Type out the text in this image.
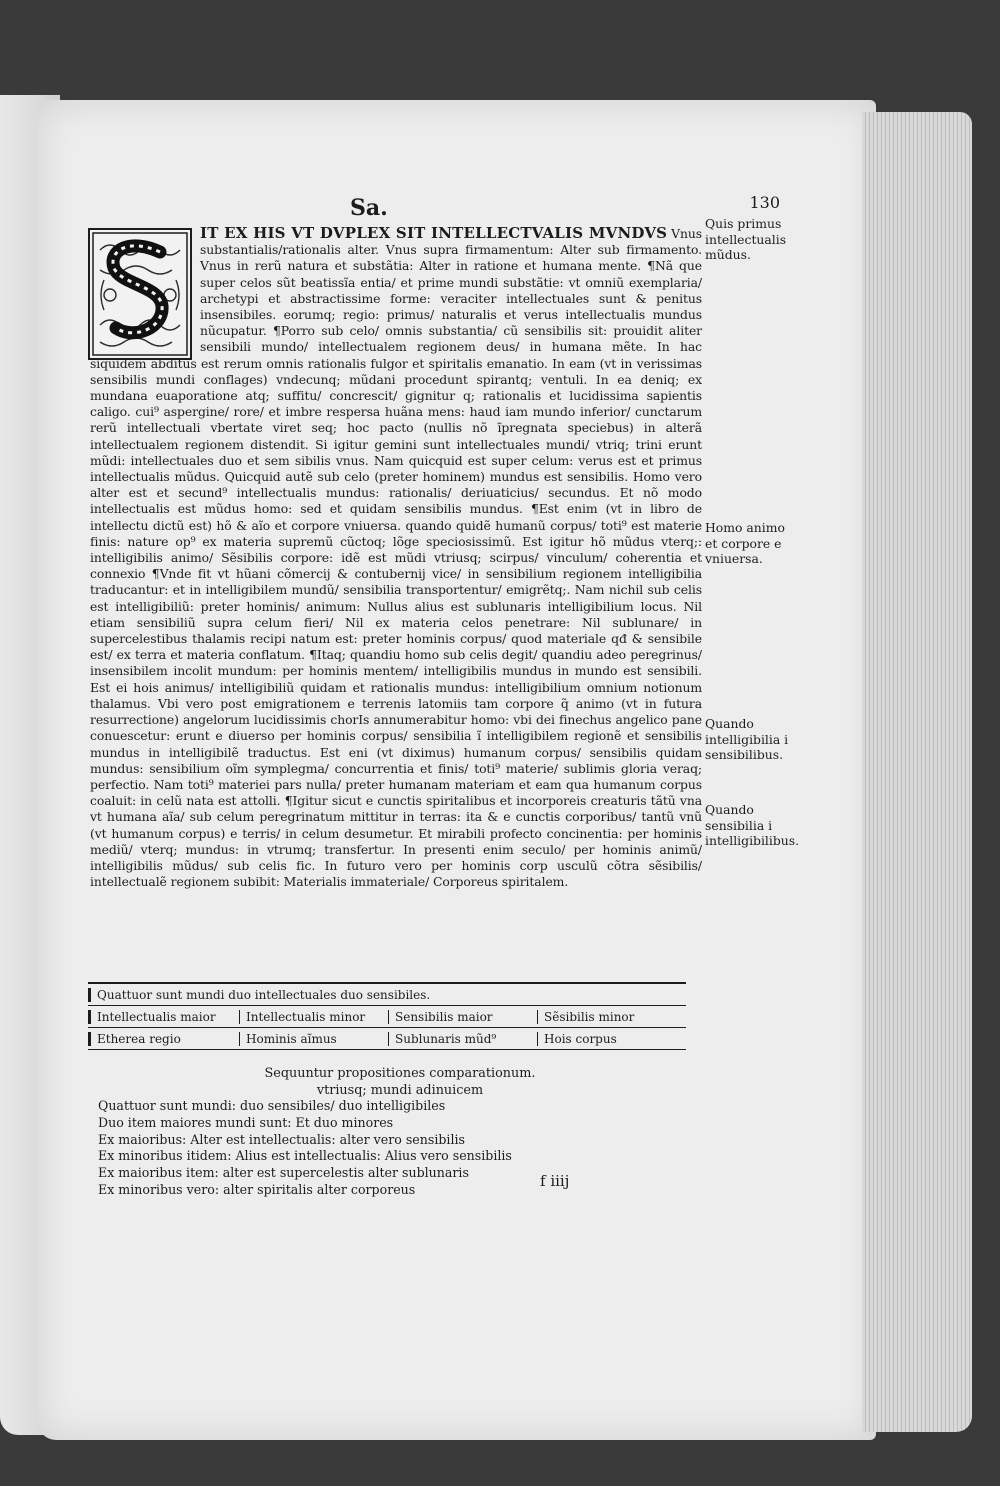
Sa.	130
IT EX HIS VT DVPLEX SIT INTELLECTVALIS MVNDVS Vnus substantialis/rationalis alter. Vnus supra firmamentum: Alter sub firmamento. Vnus in rerũ natura et substãtia: Alter in ratione et humana mente. ¶Nã que super celos sũt beatissĩa entia/ et prime mundi substãtie: vt omniũ exemplaria/ archetypi et abstractissime forme: veraciter intellectuales sunt & penitus insensibiles. eorumq; regio: primus/ naturalis et verus intellectualis mundus nũcupatur. ¶Porro sub celo/ omnis substantia/ cũ sensibilis sit: prouidit aliter sensibili mundo/ intellectualem regionem deus/ in humana mẽte. In hac siquidem abditus est rerum omnis rationalis fulgor et spiritalis emanatio. In eam (vt in verissimas sensibilis mundi conflages) vndecunq; mũdani procedunt spirantq; ventuli. In ea deniq; ex mundana euaporatione atq; suffitu/ concrescit/ gignitur q; rationalis et lucidissima sapientis caligo. cui⁹ aspergine/ rore/ et imbre respersa huãna mens: haud iam mundo inferior/ cunctarum rerũ intellectuali vbertate viret seq; hoc pacto (nullis nõ ĩpregnata speciebus) in alterã intellectualem regionem distendit. Si igitur gemini sunt intellectuales mundi/ vtriq; trini erunt mũdi: intellectuales duo et sem sibilis vnus. Nam quicquid est super celum: verus est et primus intellectualis mũdus. Quicquid autẽ sub celo (preter hominem) mundus est sensibilis. Homo vero alter est et secund⁹ intellectualis mundus: rationalis/ deriuaticius/ secundus. Et nõ modo intellectualis est mũdus homo: sed et quidam sensibilis mundus. ¶Est enim (vt in libro de intellectu dictũ est) hõ & aĩo et corpore vniuersa. quando quidẽ humanũ corpus/ toti⁹ est materie finis: nature op⁹ ex materia supremũ cũctoq; lõge speciosissimũ. Est igitur hõ mũdus vterq;: intelligibilis animo/ Sẽsibilis corpore: idẽ est mũdi vtriusq; scirpus/ vinculum/ coherentia et connexio ¶Vnde fit vt hũani cõmercij & contubernij vice/ in sensibilium regionem intelligibilia traducantur: et in intelligibilem mundũ/ sensibilia transportentur/ emigrẽtq;. Nam nichil sub celis est intelligibiliũ: preter hominis/ animum: Nullus alius est sublunaris intelligibilium locus. Nil etiam sensibiliũ supra celum fieri/ Nil ex materia celos penetrare: Nil sublunare/ in supercelestibus thalamis recipi natum est: preter hominis corpus/ quod materiale qđ & sensibile est/ ex terra et materia conflatum. ¶Itaq; quandiu homo sub celis degit/ quandiu adeo peregrinus/ insensibilem incolit mundum: per hominis mentem/ intelligibilis mundus in mundo est sensibili. Est ei hois animus/ intelligibiliũ quidam et rationalis mundus: intelligibilium omnium notionum thalamus. Vbi vero post emigrationem e terrenis latomiis tam corpore q̃ animo (vt in futura resurrectione) angelorum lucidissimis chorIs annumerabitur homo: vbi dei finechus angelico pane conuescetur: erunt e diuerso per hominis corpus/ sensibilia ĩ intelligibilem regionẽ et sensibilis mundus in intelligibilẽ traductus. Est eni (vt diximus) humanum corpus/ sensibilis quidam mundus: sensibilium oĩm symplegma/ concurrentia et finis/ toti⁹ materie/ sublimis gloria veraq; perfectio. Nam toti⁹ materiei pars nulla/ preter humanam materiam et eam qua humanum corpus coaluit: in celũ nata est attolli. ¶Igitur sicut e cunctis spiritalibus et incorporeis creaturis tãtũ vna vt humana aĩa/ sub celum peregrinatum mittitur in terras: ita & e cunctis corporibus/ tantũ vnũ (vt humanum corpus) e terris/ in celum desumetur. Et mirabili profecto concinentia: per hominis mediũ/ vterq; mundus: in vtrumq; transfertur. In presenti enim seculo/ per hominis animũ/ intelligibilis mũdus/ sub celis fic. In futuro vero per hominis corp usculũ cõtra sẽsibilis/ intellectualẽ regionem subibit: Materialis immateriale/ Corporeus spiritalem.
Quis primus intellectualis mũdus.
Homo animo et corpore e vniuersa.
Quando intelligibilia i sensibilibus.
Quando sensibilia i intelligibilibus.
Quattuor sunt mundi duo intellectuales duo sensibiles.
Intellectualis maior	Intellectualis minor	Sensibilis maior	Sẽsibilis minor
Etherea regio	Hominis aĩmus	Sublunaris mũd⁹	Hois corpus
Sequuntur propositiones comparationum.
vtriusq; mundi adinuicem
Quattuor sunt mundi: duo sensibiles/ duo intelligibiles
Duo item maiores mundi sunt: Et duo minores
Ex maioribus: Alter est intellectualis: alter vero sensibilis
Ex minoribus itidem: Alius est intellectualis: Alius vero sensibilis
Ex maioribus item: alter est supercelestis alter sublunaris
Ex minoribus vero: alter spiritalis alter corporeus	f iiij
